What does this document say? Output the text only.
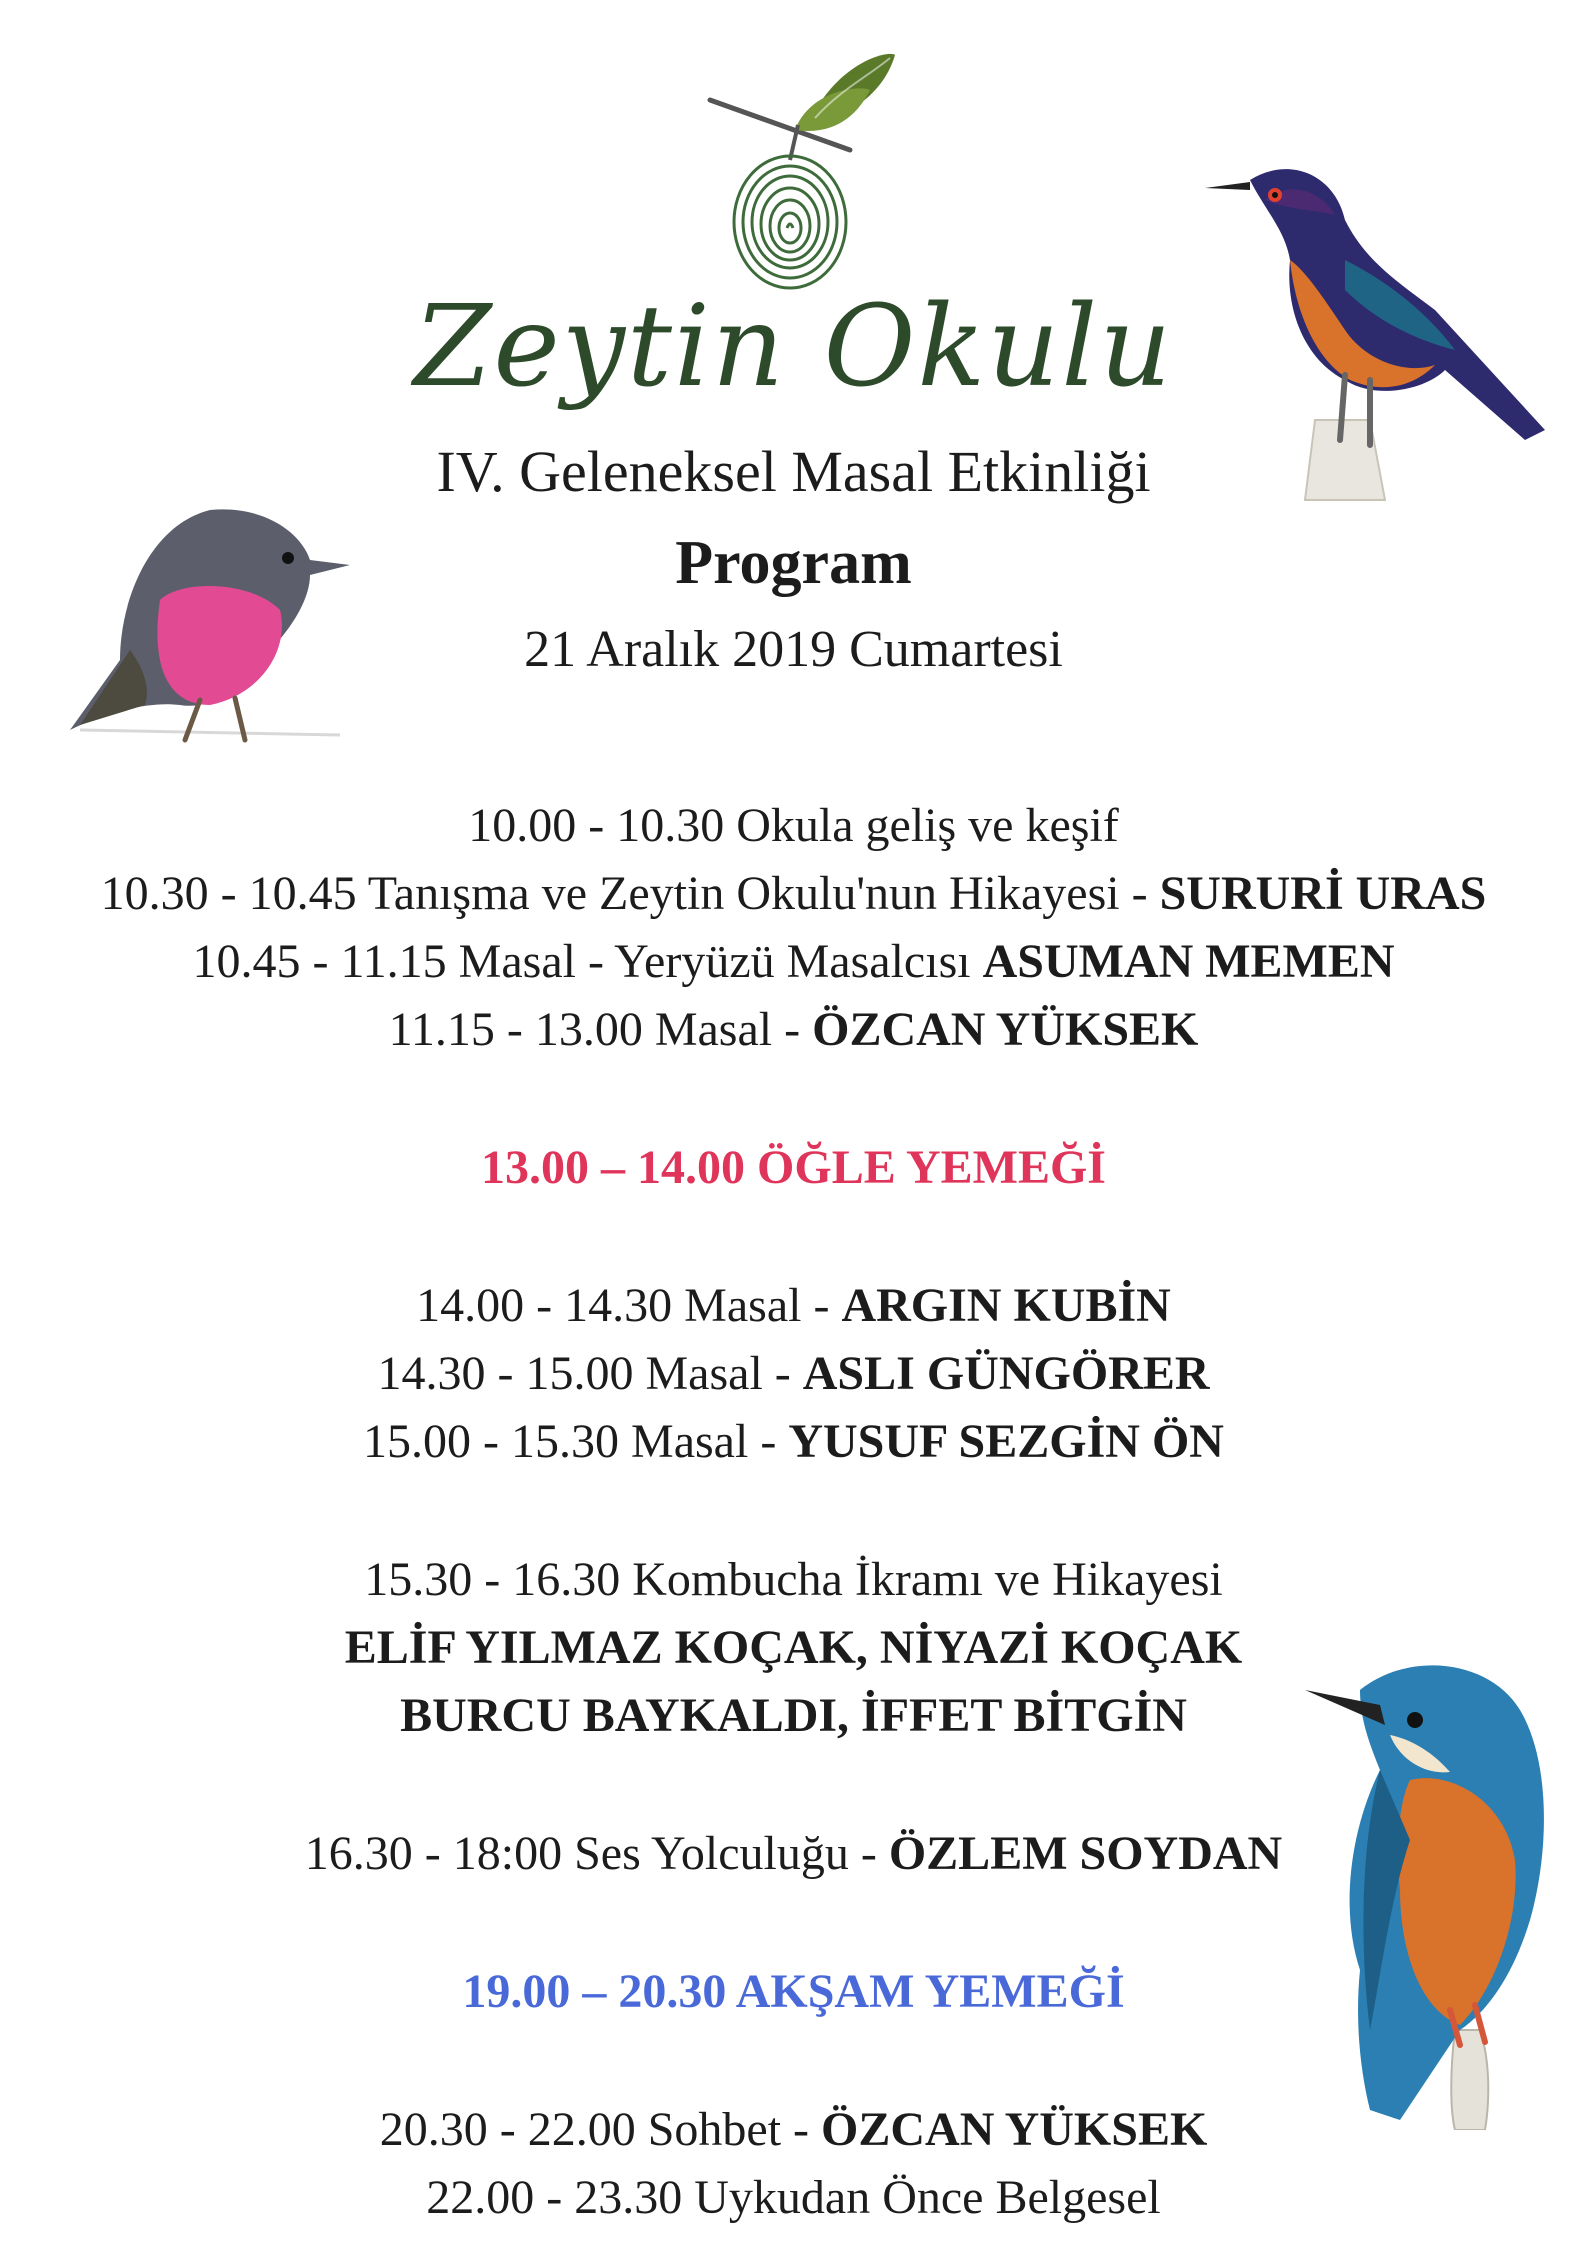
Zeytin Okulu
IV. Geleneksel Masal Etkinliği
Program
21 Aralık 2019 Cumartesi
10.00 - 10.30 Okula geliş ve keşif
10.30 - 10.45 Tanışma ve Zeytin Okulu'nun Hikayesi - SURURİ URAS
10.45 - 11.15 Masal - Yeryüzü Masalcısı ASUMAN MEMEN
11.15 - 13.00 Masal - ÖZCAN YÜKSEK
13.00 – 14.00 ÖĞLE YEMEĞİ
14.00 - 14.30 Masal - ARGIN KUBİN
14.30 - 15.00 Masal - ASLI GÜNGÖRER
15.00 - 15.30 Masal - YUSUF SEZGİN ÖN
15.30 - 16.30 Kombucha İkramı ve Hikayesi
ELİF YILMAZ KOÇAK, NİYAZİ KOÇAK
BURCU BAYKALDI, İFFET BİTGİN
16.30 - 18:00 Ses Yolculuğu - ÖZLEM SOYDAN
19.00 – 20.30 AKŞAM YEMEĞİ
20.30 - 22.00 Sohbet - ÖZCAN YÜKSEK
22.00 - 23.30 Uykudan Önce Belgesel
